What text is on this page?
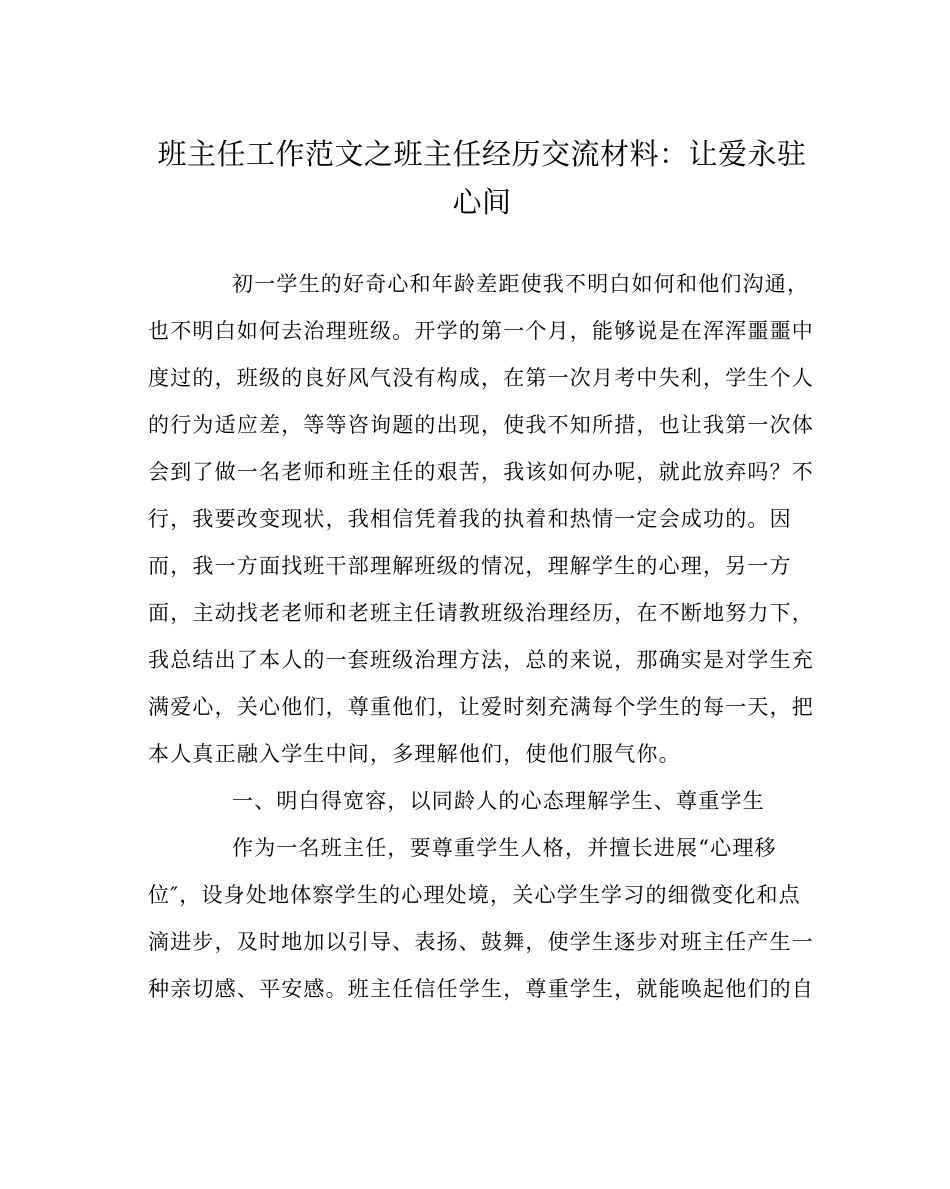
班主任工作范文之班主任经历交流材料：让爱永驻心间
初一学生的好奇心和年龄差距使我不明白如何和他们沟通，
也不明白如何去治理班级。开学的第一个月，能够说是在浑浑噩噩中
度过的，班级的良好风气没有构成，在第一次月考中失利，学生个人
的行为适应差，等等咨询题的出现，使我不知所措，也让我第一次体
会到了做一名老师和班主任的艰苦，我该如何办呢，就此放弃吗？不
行，我要改变现状，我相信凭着我的执着和热情一定会成功的。因
而，我一方面找班干部理解班级的情况，理解学生的心理，另一方
面，主动找老老师和老班主任请教班级治理经历，在不断地努力下，
我总结出了本人的一套班级治理方法，总的来说，那确实是对学生充
满爱心，关心他们，尊重他们，让爱时刻充满每个学生的每一天，把
本人真正融入学生中间，多理解他们，使他们服气你。
一、明白得宽容，以同龄人的心态理解学生、尊重学生
作为一名班主任，要尊重学生人格，并擅长进展“心理移
位″，设身处地体察学生的心理处境，关心学生学习的细微变化和点
滴进步，及时地加以引导、表扬、鼓舞，使学生逐步对班主任产生一
种亲切感、平安感。班主任信任学生，尊重学生，就能唤起他们的自
